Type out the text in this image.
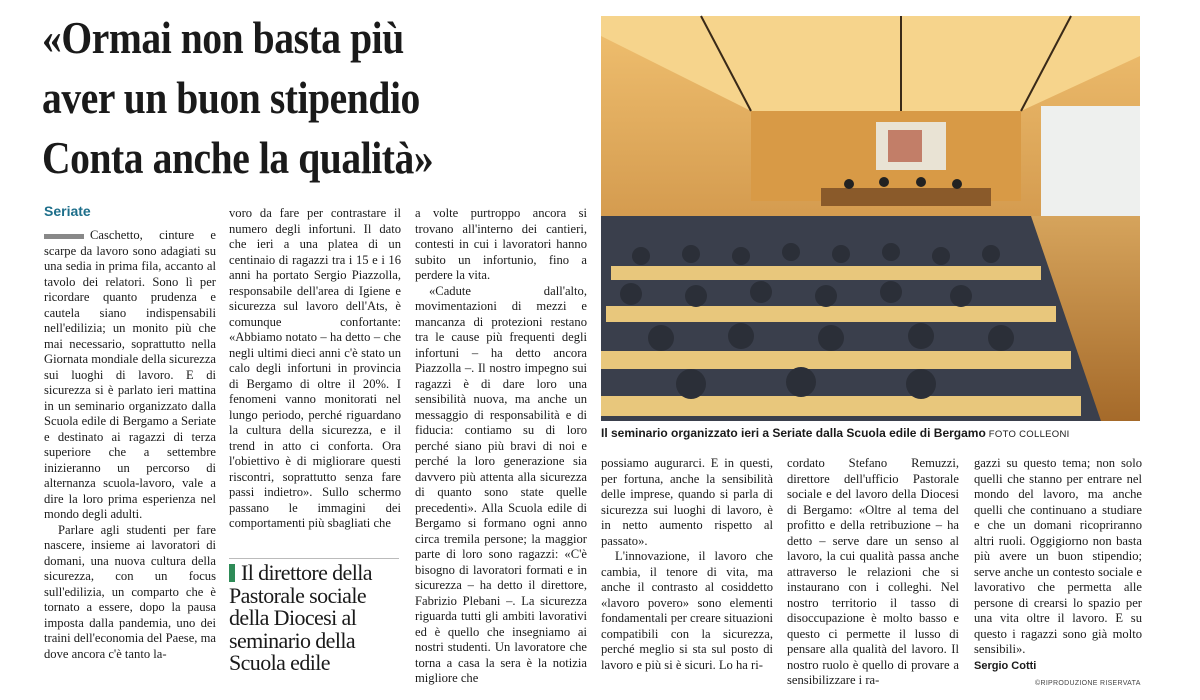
«Ormai non basta più
aver un buon stipendio
Conta anche la qualità»
Seriate

Caschetto, cinture e scarpe da lavoro sono adagiati su una sedia in prima fila, accanto al tavolo dei relatori. Sono lì per ricordare quanto prudenza e cautela siano indispensabili nell'edilizia; un monito più che mai necessario, soprattutto nella Giornata mondiale della sicurezza sui luoghi di lavoro. E di sicurezza si è parlato ieri mattina in un seminario organizzato dalla Scuola edile di Bergamo a Seriate e destinato ai ragazzi di terza superiore che a settembre inizieranno un percorso di alternanza scuola-lavoro, vale a dire la loro prima esperienza nel mondo degli adulti.

Parlare agli studenti per fare nascere, insieme ai lavoratori di domani, una nuova cultura della sicurezza, con un focus sull'edilizia, un comparto che è tornato a essere, dopo la pausa imposta dalla pandemia, uno dei traini dell'economia del Paese, ma dove ancora c'è tanto la-

voro da fare per contrastare il numero degli infortuni. Il dato che ieri a una platea di un centinaio di ragazzi tra i 15 e i 16 anni ha portato Sergio Piazzolla, responsabile dell'area di Igiene e sicurezza sul lavoro dell'Ats, è comunque confortante: «Abbiamo notato – ha detto – che negli ultimi dieci anni c'è stato un calo degli infortuni in provincia di Bergamo di oltre il 20%. I fenomeni vanno monitorati nel lungo periodo, perché riguardano la cultura della sicurezza, e il trend in atto ci conforta. Ora l'obiettivo è di migliorare questi riscontri, soprattutto senza fare passi indietro». Sullo schermo passano le immagini dei comportamenti più sbagliati che

Il direttore della Pastorale sociale della Diocesi al seminario della Scuola edile

a volte purtroppo ancora si trovano all'interno dei cantieri, contesti in cui i lavoratori hanno subito un infortunio, fino a perdere la vita.

«Cadute dall'alto, movimentazioni di mezzi e mancanza di protezioni restano tra le cause più frequenti degli infortuni – ha detto ancora Piazzolla –. Il nostro impegno sui ragazzi è di dare loro una sensibilità nuova, ma anche un messaggio di responsabilità e di fiducia: contiamo su di loro perché siano più bravi di noi e perché la loro generazione sia davvero più attenta alla sicurezza di quanto sono state quelle precedenti». Alla Scuola edile di Bergamo si formano ogni anno circa tremila persone; la maggior parte di loro sono ragazzi: «C'è bisogno di lavoratori formati e in sicurezza – ha detto il direttore, Fabrizio Plebani –. La sicurezza riguarda tutti gli ambiti lavorativi ed è quello che insegniamo ai nostri studenti. Un lavoratore che torna a casa la sera è la notizia migliore che

Il seminario organizzato ieri a Seriate dalla Scuola edile di Bergamo FOTO COLLEONI

possiamo augurarci. E in questi, per fortuna, anche la sensibilità delle imprese, quando si parla di sicurezza sui luoghi di lavoro, è in netto aumento rispetto al passato».

L'innovazione, il lavoro che cambia, il tenore di vita, ma anche il contrasto al cosiddetto «lavoro povero» sono elementi fondamentali per creare situazioni compatibili con la sicurezza, perché meglio si sta sul posto di lavoro e più si è sicuri. Lo ha ri-

cordato Stefano Remuzzi, direttore dell'ufficio Pastorale sociale e del lavoro della Diocesi di Bergamo: «Oltre al tema del profitto e della retribuzione – ha detto – serve dare un senso al lavoro, la cui qualità passa anche attraverso le relazioni che si instaurano con i colleghi. Nel nostro territorio il tasso di disoccupazione è molto basso e questo ci permette il lusso di pensare alla qualità del lavoro. Il nostro ruolo è quello di provare a sensibilizzare i ra-

gazzi su questo tema; non solo quelli che stanno per entrare nel mondo del lavoro, ma anche quelli che continuano a studiare e che un domani ricopriranno altri ruoli. Oggigiorno non basta più avere un buon stipendio; serve anche un contesto sociale e lavorativo che permetta alle persone di crearsi lo spazio per una vita oltre il lavoro. E su questo i ragazzi sono già molto sensibili».

Sergio Cotti

©RIPRODUZIONE RISERVATA
